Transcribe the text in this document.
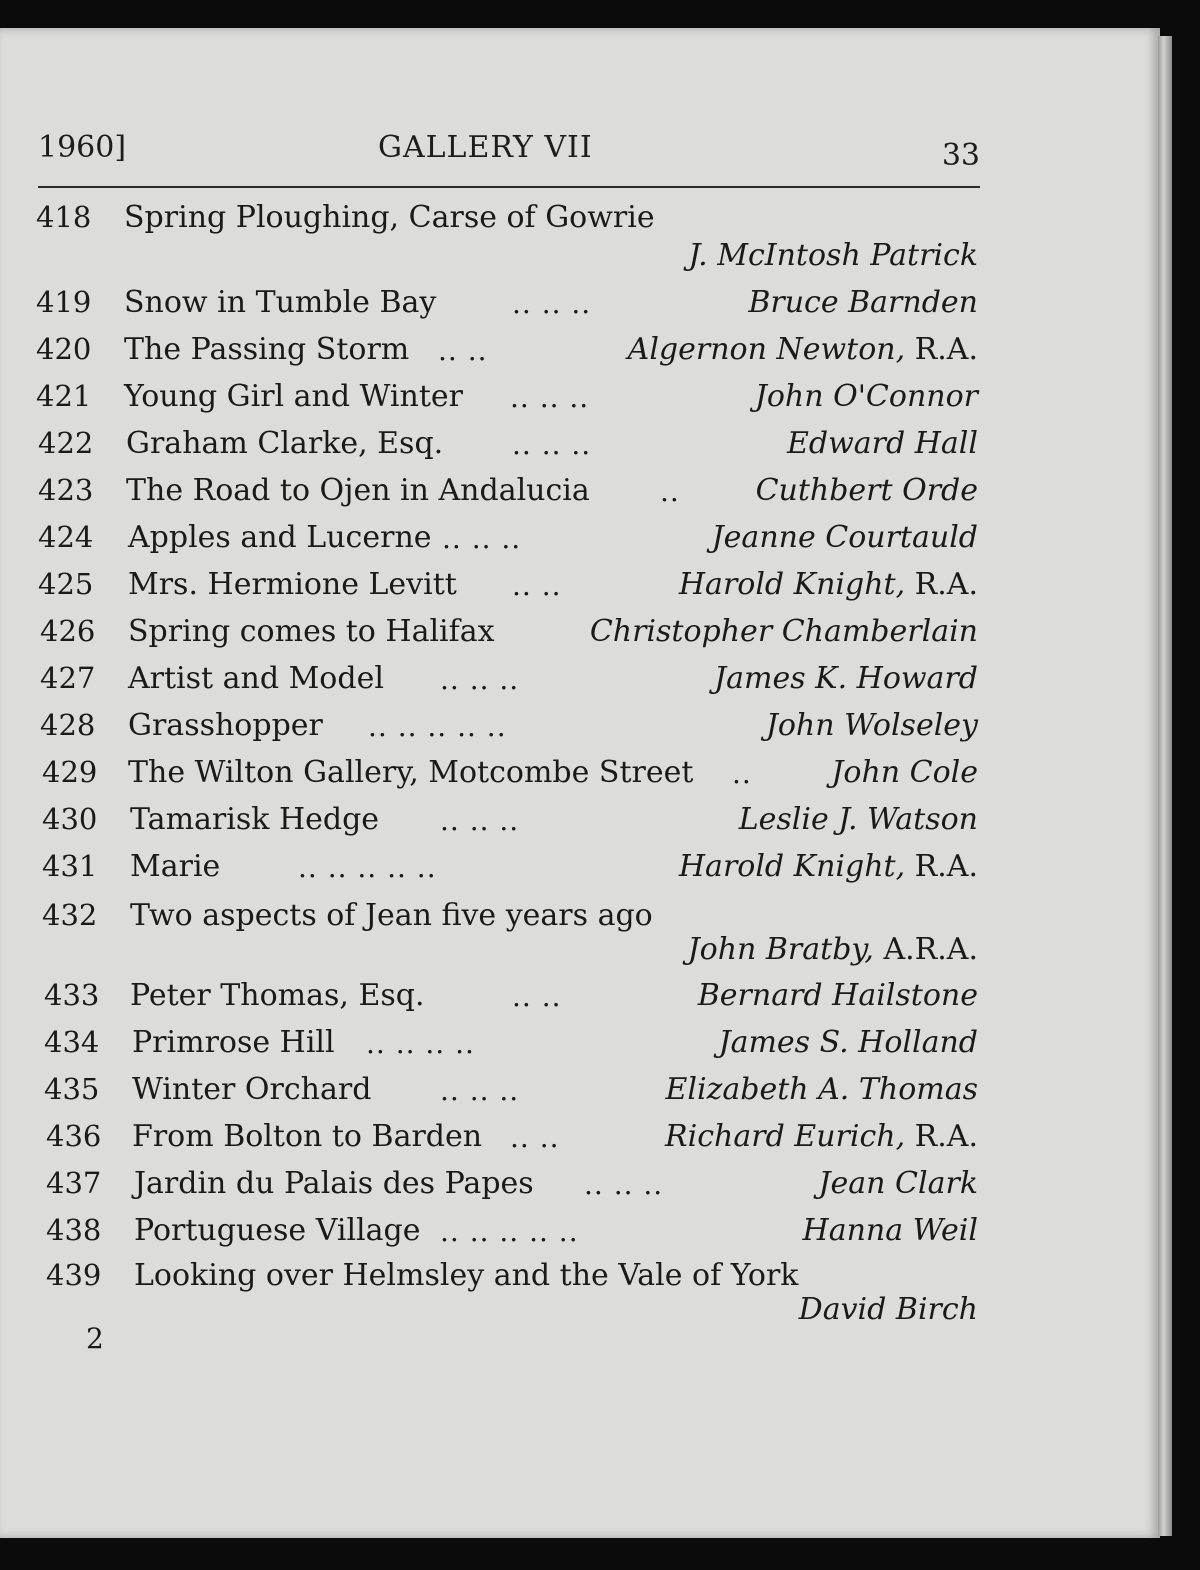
1960]	GALLERY VII	33
418	Spring Ploughing, Carse of Gowrie
J. McIntosh Patrick
419	Snow in Tumble Bay	.. .. ..	Bruce Barnden
420	The Passing Storm .. ..	Algernon Newton, R.A.
421	Young Girl and Winter .. .. ..	John O'Connor
422	Graham Clarke, Esq. .. .. ..	Edward Hall
423	The Road to Ojen in Andalucia	..	Cuthbert Orde
424	Apples and Lucerne .. .. ..	Jeanne Courtauld
425	Mrs. Hermione Levitt .. ..	Harold Knight, R.A.
426	Spring comes to Halifax	Christopher Chamberlain
427	Artist and Model .. .. ..	James K. Howard
428	Grasshopper .. .. .. .. ..	John Wolseley
429	The Wilton Gallery, Motcombe Street ..	John Cole
430	Tamarisk Hedge .. .. ..	Leslie J. Watson
431	Marie	.. .. .. .. ..	Harold Knight, R.A.
432	Two aspects of Jean five years ago
John Bratby, A.R.A.
433	Peter Thomas, Esq.	.. ..	Bernard Hailstone
434	Primrose Hill .. .. .. ..	James S. Holland
435	Winter Orchard .. .. ..	Elizabeth A. Thomas
436	From Bolton to Barden .. ..	Richard Eurich, R.A.
437	Jardin du Palais des Papes .. .. ..	Jean Clark
438	Portuguese Village .. .. .. .. ..	Hanna Weil
439	Looking over Helmsley and the Vale of York
David Birch
2
